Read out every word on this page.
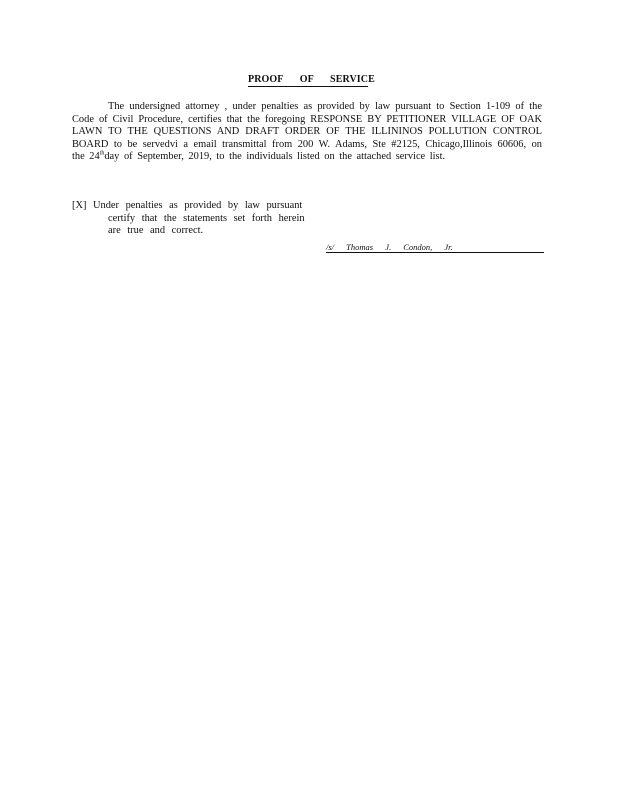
PROOF OF SERVICE

The undersigned attorney , under penalties as provided by law pursuant to Section 1-109 of the Code of Civil Procedure, certifies that the foregoing RESPONSE BY PETITIONER VILLAGE OF OAK LAWN TO THE QUESTIONS AND DRAFT ORDER OF THE ILLININOS POLLUTION CONTROL BOARD to be servedvi a email transmittal from 200 W. Adams, Ste #2125, Chicago,Illinois 60606, on the 24thday of September, 2019, to the individuals listed on the attached service list.

[X] Under penalties as provided by law pursuant
certify that the statements set forth herein
are true and correct.
/s/ Thomas J. Condon, Jr.
